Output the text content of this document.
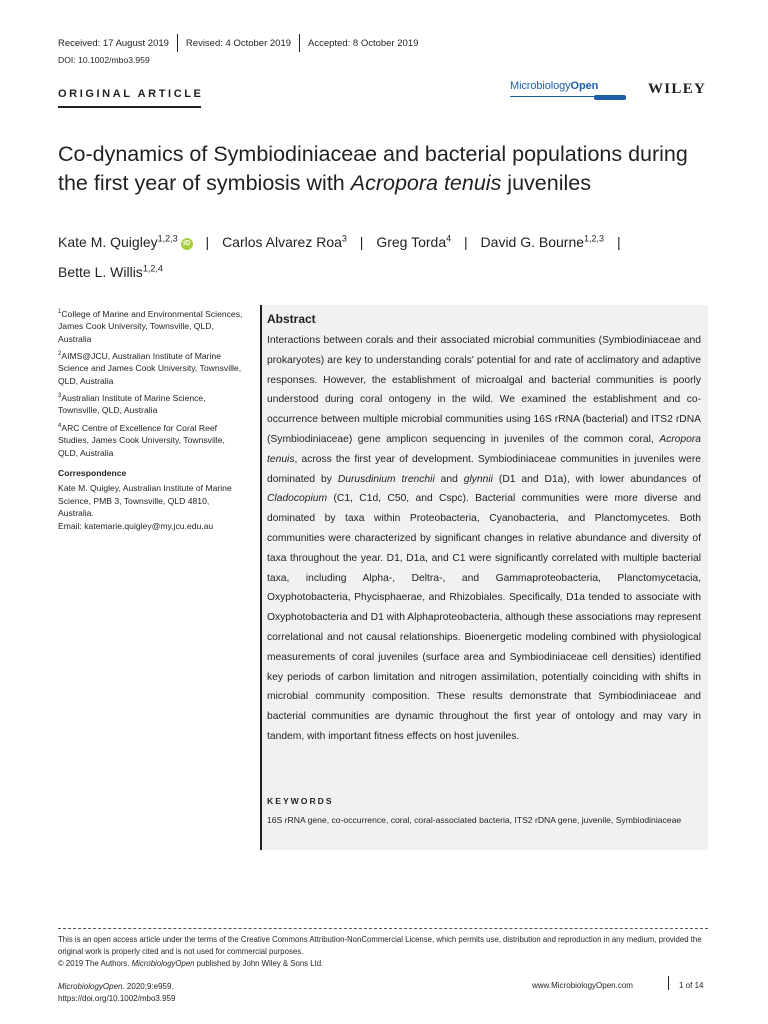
Received: 17 August 2019 Revised: 4 October 2019 Accepted: 8 October 2019
DOI: 10.1002/mbo3.959
ORIGINAL ARTICLE
MicrobiologyOpen	WILEY
Co-dynamics of Symbiodiniaceae and bacterial populations during the first year of symbiosis with Acropora tenuis juveniles
Kate M. Quigley$^{1,2,3}$iD | Carlos Alvarez Roa$^3$ | Greg Torda$^4$ | David G. Bourne$^{1,2,3}$ |
Bette L. Willis$^{1,2,4}$

$^1$College of Marine and Environmental Sciences, James Cook University, Townsville, QLD, Australia

$^2$AIMS@JCU, Australian Institute of Marine Science and James Cook University, Townsville, QLD, Australia

$^3$Australian Institute of Marine Science, Townsville, QLD, Australia

$^4$ARC Centre of Excellence for Coral Reef Studies, James Cook University, Townsville, QLD, Australia

Correspondence

Kate M. Quigley, Australian Institute of Marine Science, PMB 3, Townsville, QLD 4810, Australia.
Email: katemarie.quigley@my.jcu.edu.au

Abstract
Interactions between corals and their associated microbial communities (Symbiodiniaceae and prokaryotes) are key to understanding corals' potential for and rate of acclimatory and adaptive responses. However, the establishment of microalgal and bacterial communities is poorly understood during coral ontogeny in the wild. We examined the establishment and co-occurrence between multiple microbial communities using 16S rRNA (bacterial) and ITS2 rDNA (Symbiodiniaceae) gene amplicon sequencing in juveniles of the common coral, Acropora tenuis, across the first year of development. Symbiodiniaceae communities in juveniles were dominated by Durusdinium trenchii and glynnii (D1 and D1a), with lower abundances of Cladocopium (C1, C1d, C50, and Cspc). Bacterial communities were more diverse and dominated by taxa within Proteobacteria, Cyanobacteria, and Planctomycetes. Both communities were characterized by significant changes in relative abundance and diversity of taxa throughout the year. D1, D1a, and C1 were significantly correlated with multiple bacterial taxa, including Alpha-, Deltra-, and Gammaproteobacteria, Planctomycetacia, Oxyphotobacteria, Phycisphaerae, and Rhizobiales. Specifically, D1a tended to associate with Oxyphotobacteria and D1 with Alphaproteobacteria, although these associations may represent correlational and not causal relationships. Bioenergetic modeling combined with physiological measurements of coral juveniles (surface area and Symbiodiniaceae cell densities) identified key periods of carbon limitation and nitrogen assimilation, potentially coinciding with shifts in microbial community composition. These results demonstrate that Symbiodiniaceae and bacterial communities are dynamic throughout the first year of ontology and may vary in tandem, with important fitness effects on host juveniles.
KEYWORDS
16S rRNA gene, co-occurrence, coral, coral-associated bacteria, ITS2 rDNA gene, juvenile, Symbiodiniaceae
This is an open access article under the terms of the Creative Commons Attribution-NonCommercial License, which permits use, distribution and reproduction in any medium, provided the original work is properly cited and is not used for commercial purposes.
© 2019 The Authors. MicrobiologyOpen published by John Wiley & Sons Ltd.
MicrobiologyOpen. 2020;9:e959.
https://doi.org/10.1002/mbo3.959
www.MicrobiologyOpen.com	1 of 14
